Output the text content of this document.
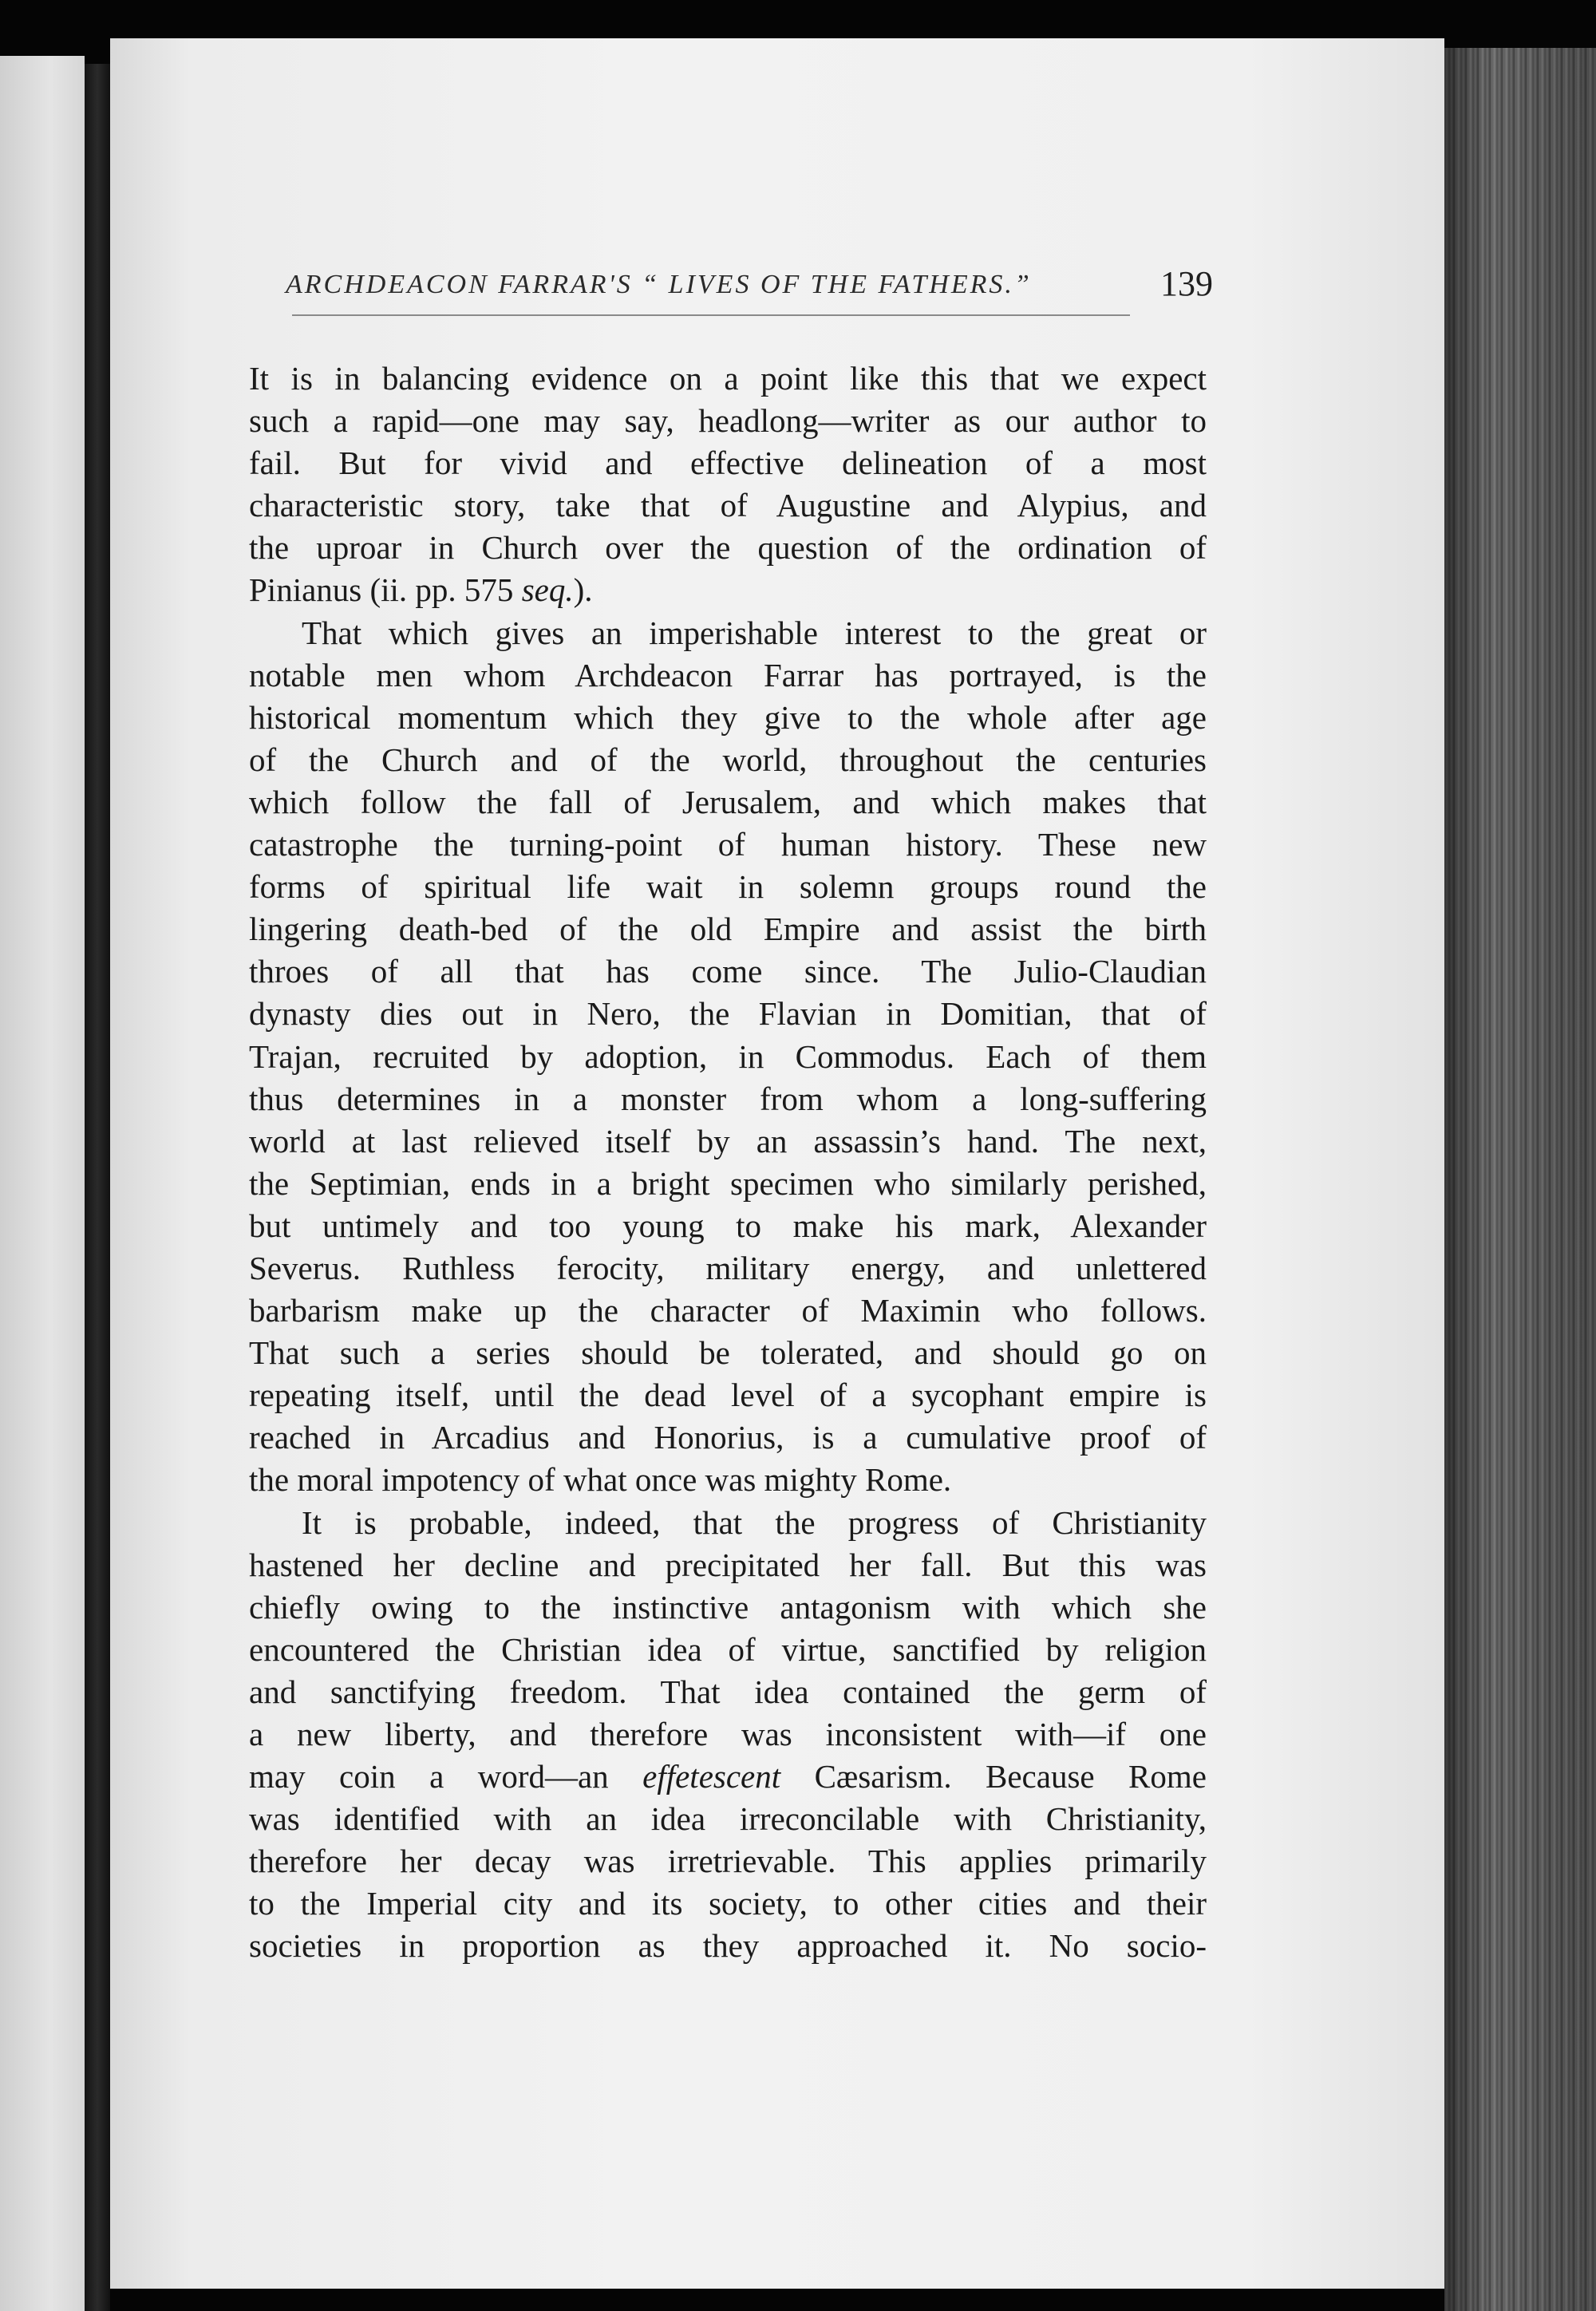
ARCHDEACON FARRAR'S “ LIVES OF THE FATHERS.”	139
It is in balancing evidence on a point like this that we expect
such a rapid—one may say, headlong—writer as our author to
fail. But for vivid and effective delineation of a most
characteristic story, take that of Augustine and Alypius, and
the uproar in Church over the question of the ordination of
Pinianus (ii. pp. 575 seq.).
That which gives an imperishable interest to the great or
notable men whom Archdeacon Farrar has portrayed, is the
historical momentum which they give to the whole after age
of the Church and of the world, throughout the centuries
which follow the fall of Jerusalem, and which makes that
catastrophe the turning-point of human history. These new
forms of spiritual life wait in solemn groups round the
lingering death-bed of the old Empire and assist the birth
throes of all that has come since. The Julio-Claudian
dynasty dies out in Nero, the Flavian in Domitian, that of
Trajan, recruited by adoption, in Commodus. Each of them
thus determines in a monster from whom a long-suffering
world at last relieved itself by an assassin’s hand. The next,
the Septimian, ends in a bright specimen who similarly perished,
but untimely and too young to make his mark, Alexander
Severus. Ruthless ferocity, military energy, and unlettered
barbarism make up the character of Maximin who follows.
That such a series should be tolerated, and should go on
repeating itself, until the dead level of a sycophant empire is
reached in Arcadius and Honorius, is a cumulative proof of
the moral impotency of what once was mighty Rome.
It is probable, indeed, that the progress of Christianity
hastened her decline and precipitated her fall. But this was
chiefly owing to the instinctive antagonism with which she
encountered the Christian idea of virtue, sanctified by religion
and sanctifying freedom. That idea contained the germ of
a new liberty, and therefore was inconsistent with—if one
may coin a word—an effetescent Cæsarism. Because Rome
was identified with an idea irreconcilable with Christianity,
therefore her decay was irretrievable. This applies primarily
to the Imperial city and its society, to other cities and their
societies in proportion as they approached it. No socio-
